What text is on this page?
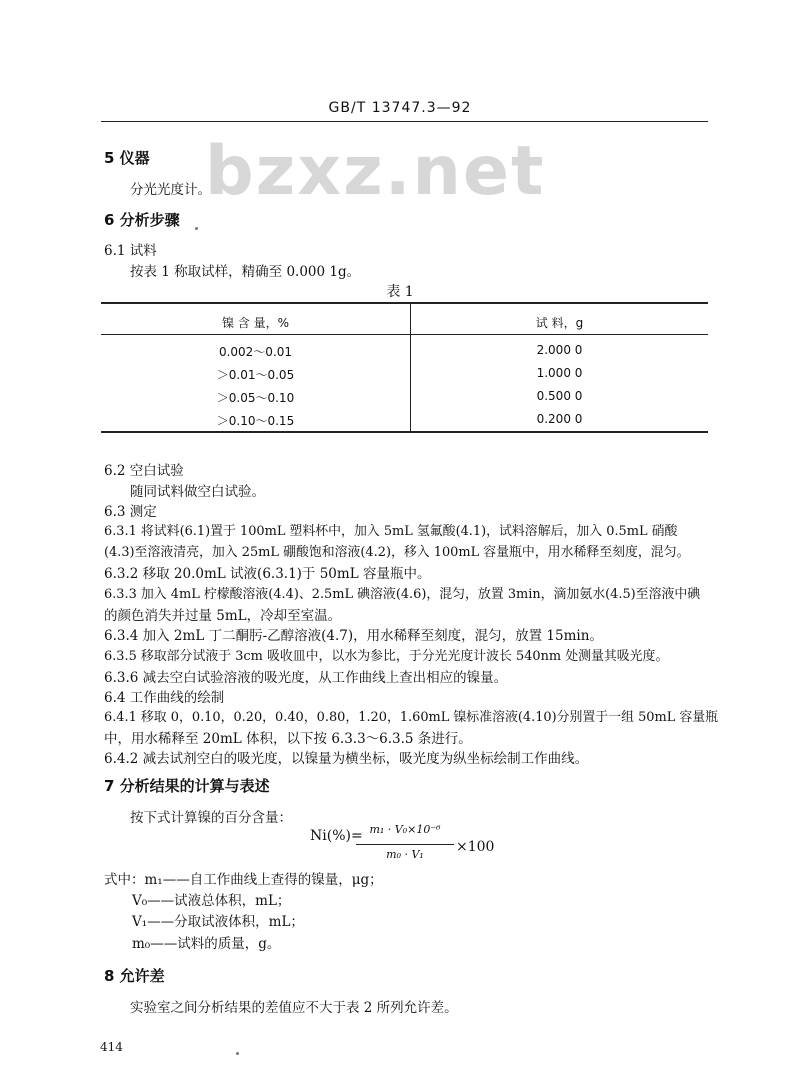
GB/T 13747.3—92
bzxz.net
5 仪器
分光光度计。
6 分析步骤
6.1 试料
按表 1 称取试样，精确至 0.000 1g。
表 1
镍 含 量，%	试 料，g
0.002～0.01	2.000 0
＞0.01～0.05	1.000 0
＞0.05～0.10	0.500 0
＞0.10～0.15	0.200 0
6.2 空白试验
随同试料做空白试验。
6.3 测定
6.3.1 将试料(6.1)置于 100mL 塑料杯中，加入 5mL 氢氟酸(4.1)，试料溶解后，加入 0.5mL 硝酸
(4.3)至溶液清亮，加入 25mL 硼酸饱和溶液(4.2)，移入 100mL 容量瓶中，用水稀释至刻度，混匀。
6.3.2 移取 20.0mL 试液(6.3.1)于 50mL 容量瓶中。
6.3.3 加入 4mL 柠檬酸溶液(4.4)、2.5mL 碘溶液(4.6)，混匀，放置 3min，滴加氨水(4.5)至溶液中碘
的颜色消失并过量 5mL，冷却至室温。
6.3.4 加入 2mL 丁二酮肟-乙醇溶液(4.7)，用水稀释至刻度，混匀，放置 15min。
6.3.5 移取部分试液于 3cm 吸收皿中，以水为参比，于分光光度计波长 540nm 处测量其吸光度。
6.3.6 减去空白试验溶液的吸光度，从工作曲线上查出相应的镍量。
6.4 工作曲线的绘制
6.4.1 移取 0，0.10，0.20，0.40，0.80，1.20，1.60mL 镍标准溶液(4.10)分别置于一组 50mL 容量瓶
中，用水稀释至 20mL 体积，以下按 6.3.3～6.3.5 条进行。
6.4.2 减去试剂空白的吸光度，以镍量为横坐标，吸光度为纵坐标绘制工作曲线。
7 分析结果的计算与表述
按下式计算镍的百分含量：
Ni(%)= m₁ · V₀×10⁻⁶
m₀ · V₁	×100
式中：m₁——自工作曲线上查得的镍量，μg；
V₀——试液总体积，mL；
V₁——分取试液体积，mL；
m₀——试料的质量，g。
8 允许差
实验室之间分析结果的差值应不大于表 2 所列允许差。
414
